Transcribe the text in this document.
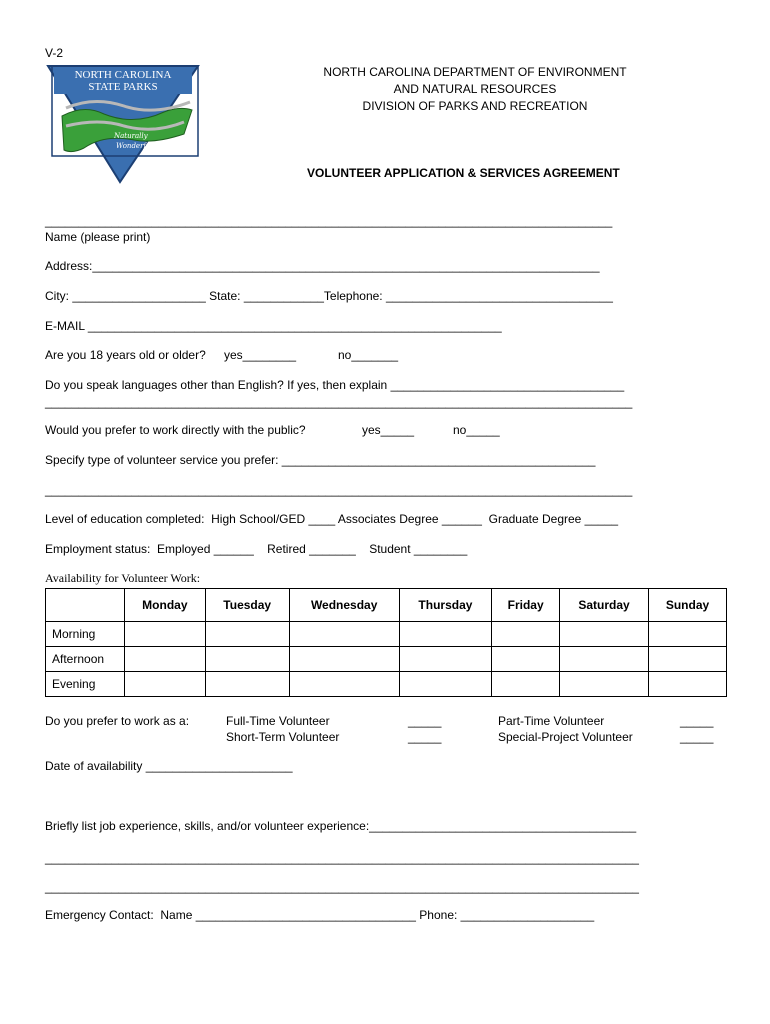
V-2
NORTH CAROLINA
STATE PARKS
Naturally
Wonderful
NORTH CAROLINA DEPARTMENT OF ENVIRONMENT
AND NATURAL RESOURCES
DIVISION OF PARKS AND RECREATION
VOLUNTEER APPLICATION & SERVICES AGREEMENT
_____________________________________________________________________________________
Name (please print)
Address:____________________________________________________________________________
City: ____________________ State: ____________Telephone: __________________________________
E-MAIL ______________________________________________________________
Are you 18 years old or older? yes________	no_______
Do you speak languages other than English? If yes, then explain ___________________________________
________________________________________________________________________________________
Would you prefer to work directly with the public?	yes_____	no_____
Specify type of volunteer service you prefer: _______________________________________________
________________________________________________________________________________________
Level of education completed:  High School/GED ____ Associates Degree ______  Graduate Degree _____
Employment status:  Employed ______    Retired _______    Student ________
Availability for Volunteer Work:
	Monday	Tuesday	Wednesday	Thursday	Friday	Saturday	Sunday
Morning							
Afternoon							
Evening							
Do you prefer to work as a:	Full-Time Volunteer	_____	Part-Time Volunteer	_____
Short-Term Volunteer	_____	Special-Project Volunteer	_____
Date of availability ______________________
Briefly list job experience, skills, and/or volunteer experience:________________________________________
_________________________________________________________________________________________
_________________________________________________________________________________________
Emergency Contact:  Name _________________________________ Phone: ____________________
